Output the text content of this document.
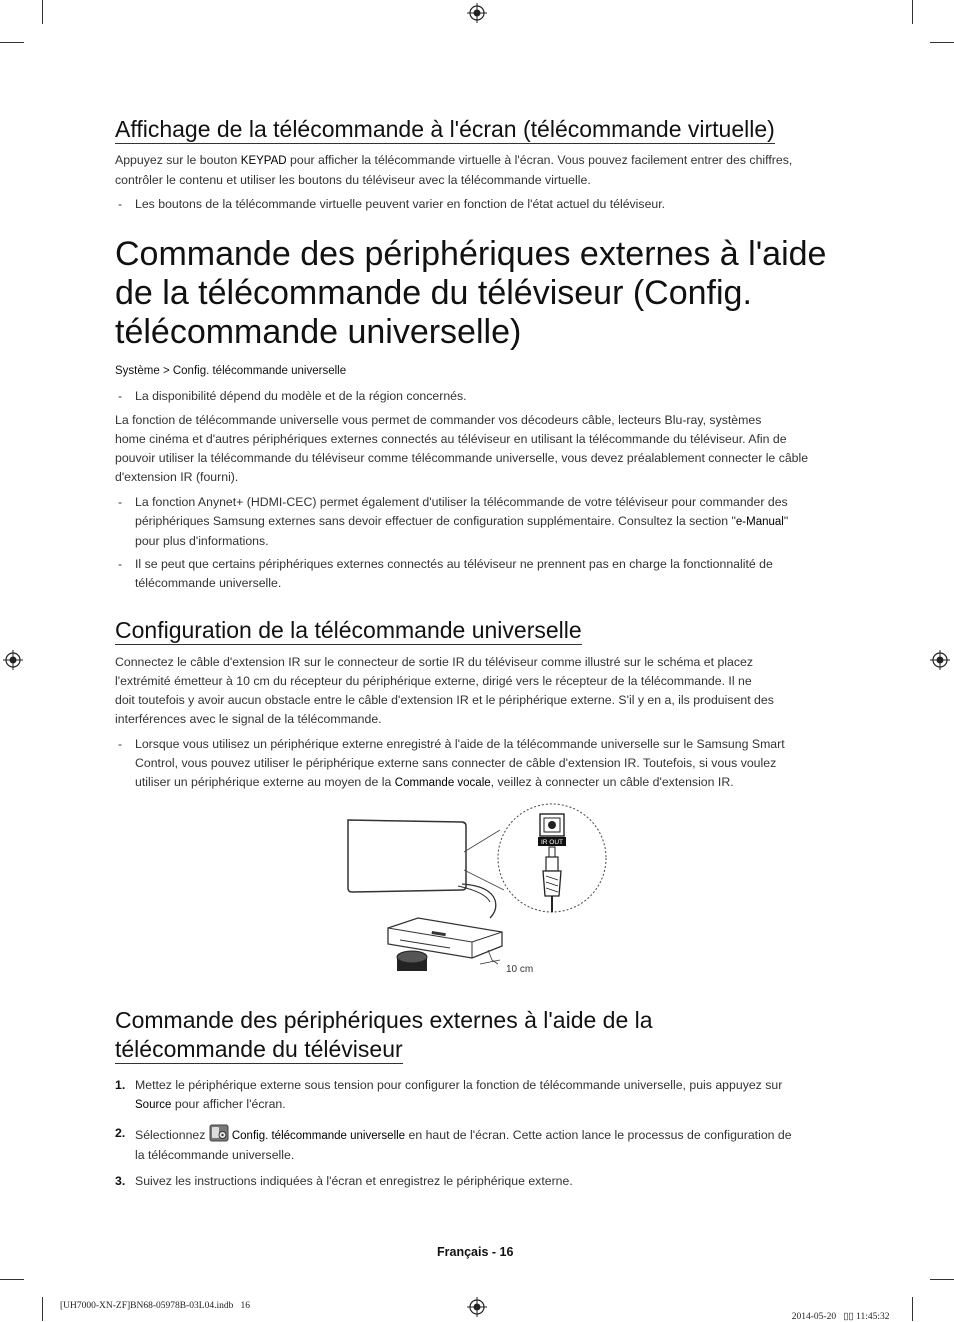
Affichage de la télécommande à l'écran (télécommande virtuelle)

Appuyez sur le bouton KEYPAD pour afficher la télécommande virtuelle à l'écran. Vous pouvez facilement entrer des chiffres,
contrôler le contenu et utiliser les boutons du téléviseur avec la télécommande virtuelle.

- Les boutons de la télécommande virtuelle peuvent varier en fonction de l'état actuel du téléviseur.

Commande des périphériques externes à l'aide
de la télécommande du téléviseur (Config.
télécommande universelle)

Système > Config. télécommande universelle

- La disponibilité dépend du modèle et de la région concernés.

La fonction de télécommande universelle vous permet de commander vos décodeurs câble, lecteurs Blu-ray, systèmes
home cinéma et d'autres périphériques externes connectés au téléviseur en utilisant la télécommande du téléviseur. Afin de
pouvoir utiliser la télécommande du téléviseur comme télécommande universelle, vous devez préalablement connecter le câble
d'extension IR (fourni).

- La fonction Anynet+ (HDMI-CEC) permet également d'utiliser la télécommande de votre téléviseur pour commander des
périphériques Samsung externes sans devoir effectuer de configuration supplémentaire. Consultez la section "e-Manual"
pour plus d'informations.

- Il se peut que certains périphériques externes connectés au téléviseur ne prennent pas en charge la fonctionnalité de
télécommande universelle.

Configuration de la télécommande universelle

Connectez le câble d'extension IR sur le connecteur de sortie IR du téléviseur comme illustré sur le schéma et placez
l'extrémité émetteur à 10 cm du récepteur du périphérique externe, dirigé vers le récepteur de la télécommande. Il ne
doit toutefois y avoir aucun obstacle entre le câble d'extension IR et le périphérique externe. S'il y en a, ils produisent des
interférences avec le signal de la télécommande.

- Lorsque vous utilisez un périphérique externe enregistré à l'aide de la télécommande universelle sur le Samsung Smart
Control, vous pouvez utiliser le périphérique externe sans connecter de câble d'extension IR. Toutefois, si vous voulez
utiliser un périphérique externe au moyen de la Commande vocale, veillez à connecter un câble d'extension IR.

10 cm
IR OUT
Commande des périphériques externes à l'aide de la
télécommande du téléviseur

1. Mettez le périphérique externe sous tension pour configurer la fonction de télécommande universelle, puis appuyez sur
Source pour afficher l'écran.

2. Sélectionnez Config. télécommande universelle en haut de l'écran. Cette action lance le processus de configuration de
la télécommande universelle.

3. Suivez les instructions indiquées à l'écran et enregistrez le périphérique externe.

Français - 16
[UH7000-XN-ZF]BN68-05978B-03L04.indb   16

2014-05-20   ▯▯ 11:45:32
